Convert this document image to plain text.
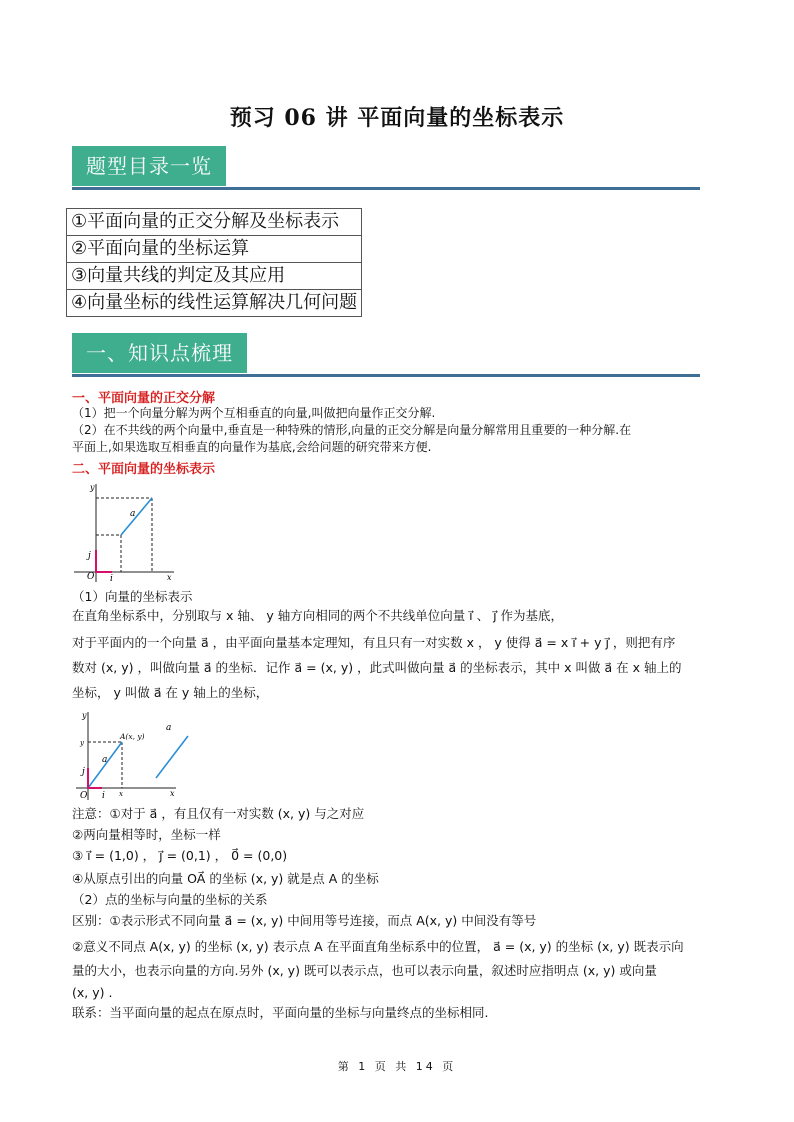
预习 06 讲 平面向量的坐标表示
题型目录一览
①平面向量的正交分解及坐标表示
②平面向量的坐标运算
③向量共线的判定及其应用
④向量坐标的线性运算解决几何问题
一、知识点梳理
一、平面向量的正交分解
（1）把一个向量分解为两个互相垂直的向量,叫做把向量作正交分解.
（2）在不共线的两个向量中,垂直是一种特殊的情形,向量的正交分解是向量分解常用且重要的一种分解.在
平面上,如果选取互相垂直的向量作为基底,会给问题的研究带来方便.
二、平面向量的坐标表示
y
x
O i
j
a
（1）向量的坐标表示
在直角坐标系中，分别取与 x 轴、 y 轴方向相同的两个不共线单位向量 i⃗ 、 j⃗ 作为基底，
对于平面内的一个向量 a⃗ ，由平面向量基本定理知，有且只有一对实数 x ， y 使得 a⃗ = x i⃗ + y j⃗ ，则把有序
数对 (x, y) ，叫做向量 a⃗ 的坐标．记作 a⃗ = (x, y) ，此式叫做向量 a⃗ 的坐标表示，其中 x 叫做 a⃗ 在 x 轴上的
坐标， y 叫做 a⃗ 在 y 轴上的坐标，
y
x
O i
j
A(x, y)
a
a
x
y
注意：①对于 a⃗ ，有且仅有一对实数 (x, y) 与之对应
②两向量相等时，坐标一样
③ i⃗ = (1,0) ， j⃗ = (0,1) ， 0⃗ = (0,0)
④从原点引出的向量 OA⃗ 的坐标 (x, y) 就是点 A 的坐标
（2）点的坐标与向量的坐标的关系
区别：①表示形式不同向量 a⃗ = (x, y) 中间用等号连接，而点 A(x, y) 中间没有等号
②意义不同点 A(x, y) 的坐标 (x, y) 表示点 A 在平面直角坐标系中的位置， a⃗ = (x, y) 的坐标 (x, y) 既表示向
量的大小，也表示向量的方向.另外 (x, y) 既可以表示点，也可以表示向量，叙述时应指明点 (x, y) 或向量
(x, y) .
联系：当平面向量的起点在原点时，平面向量的坐标与向量终点的坐标相同.
第 1 页 共 14 页
